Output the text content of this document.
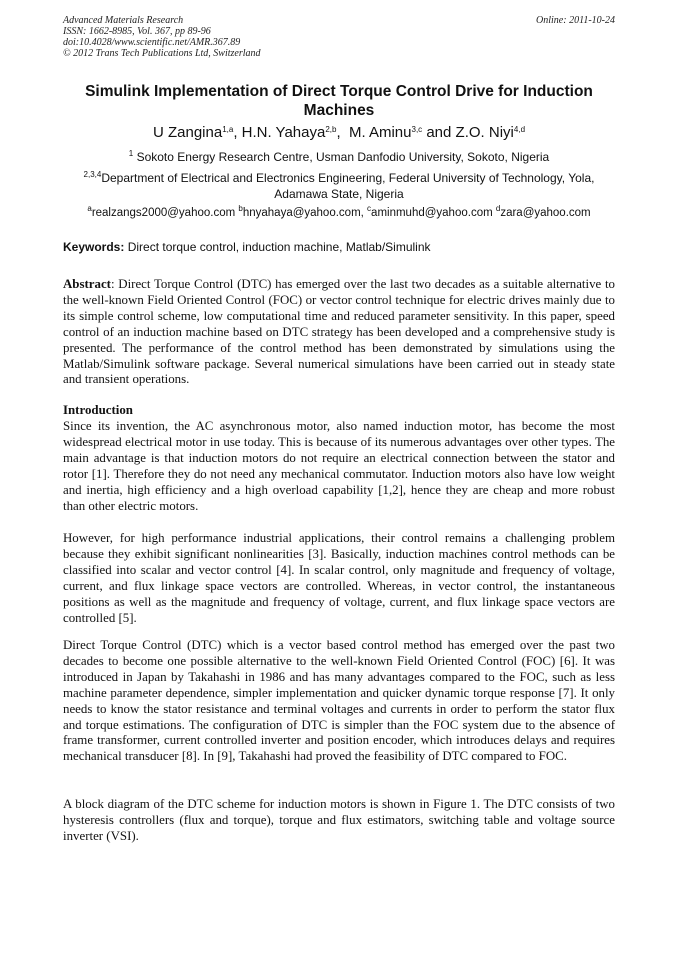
Advanced Materials Research
ISSN: 1662-8985, Vol. 367, pp 89-96
doi:10.4028/www.scientific.net/AMR.367.89
© 2012 Trans Tech Publications Ltd, Switzerland
Online: 2011-10-24
Simulink Implementation of Direct Torque Control Drive for Induction Machines
U Zangina$^{1,a}$, H.N. Yahaya$^{2,b}$,  M. Aminu$^{3,c}$ and Z.O. Niyi$^{4,d}$
$^1$ Sokoto Energy Research Centre, Usman Danfodio University, Sokoto, Nigeria
$^{2,3,4}$Department of Electrical and Electronics Engineering, Federal University of Technology, Yola, Adamawa State, Nigeria
$^a$realzangs2000@yahoo.com $^b$hnyahaya@yahoo.com, $^c$aminmuhd@yahoo.com $^d$zara@yahoo.com
Keywords: Direct torque control, induction machine, Matlab/Simulink
Abstract: Direct Torque Control (DTC) has emerged over the last two decades as a suitable alternative to the well-known Field Oriented Control (FOC) or vector control technique for electric drives mainly due to its simple control scheme, low computational time and reduced parameter sensitivity. In this paper, speed control of an induction machine based on DTC strategy has been developed and a comprehensive study is presented. The performance of the control method has been demonstrated by simulations using the Matlab/Simulink software package. Several numerical simulations have been carried out in steady state and transient operations.
Introduction
Since its invention, the AC asynchronous motor, also named induction motor, has become the most widespread electrical motor in use today. This is because of its numerous advantages over other types. The main advantage is that induction motors do not require an electrical connection between the stator and rotor [1]. Therefore they do not need any mechanical commutator. Induction motors also have low weight and inertia, high efficiency and a high overload capability [1,2], hence they are cheap and more robust than other electric motors.
However, for high performance industrial applications, their control remains a challenging problem because they exhibit significant nonlinearities [3]. Basically, induction machines control methods can be classified into scalar and vector control [4]. In scalar control, only magnitude and frequency of voltage, current, and flux linkage space vectors are controlled. Whereas, in vector control, the instantaneous positions as well as the magnitude and frequency of voltage, current, and flux linkage space vectors are controlled [5].
Direct Torque Control (DTC) which is a vector based control method has emerged over the past two decades to become one possible alternative to the well-known Field Oriented Control (FOC) [6]. It was introduced in Japan by Takahashi in 1986 and has many advantages compared to the FOC, such as less machine parameter dependence, simpler implementation and quicker dynamic torque response [7]. It only needs to know the stator resistance and terminal voltages and currents in order to perform the stator flux and torque estimations. The configuration of DTC is simpler than the FOC system due to the absence of frame transformer, current controlled inverter and position encoder, which introduces delays and requires mechanical transducer [8]. In [9], Takahashi had proved the feasibility of DTC compared to FOC.
A block diagram of the DTC scheme for induction motors is shown in Figure 1. The DTC consists of two hysteresis controllers (flux and torque), torque and flux estimators, switching table and voltage source inverter (VSI).
